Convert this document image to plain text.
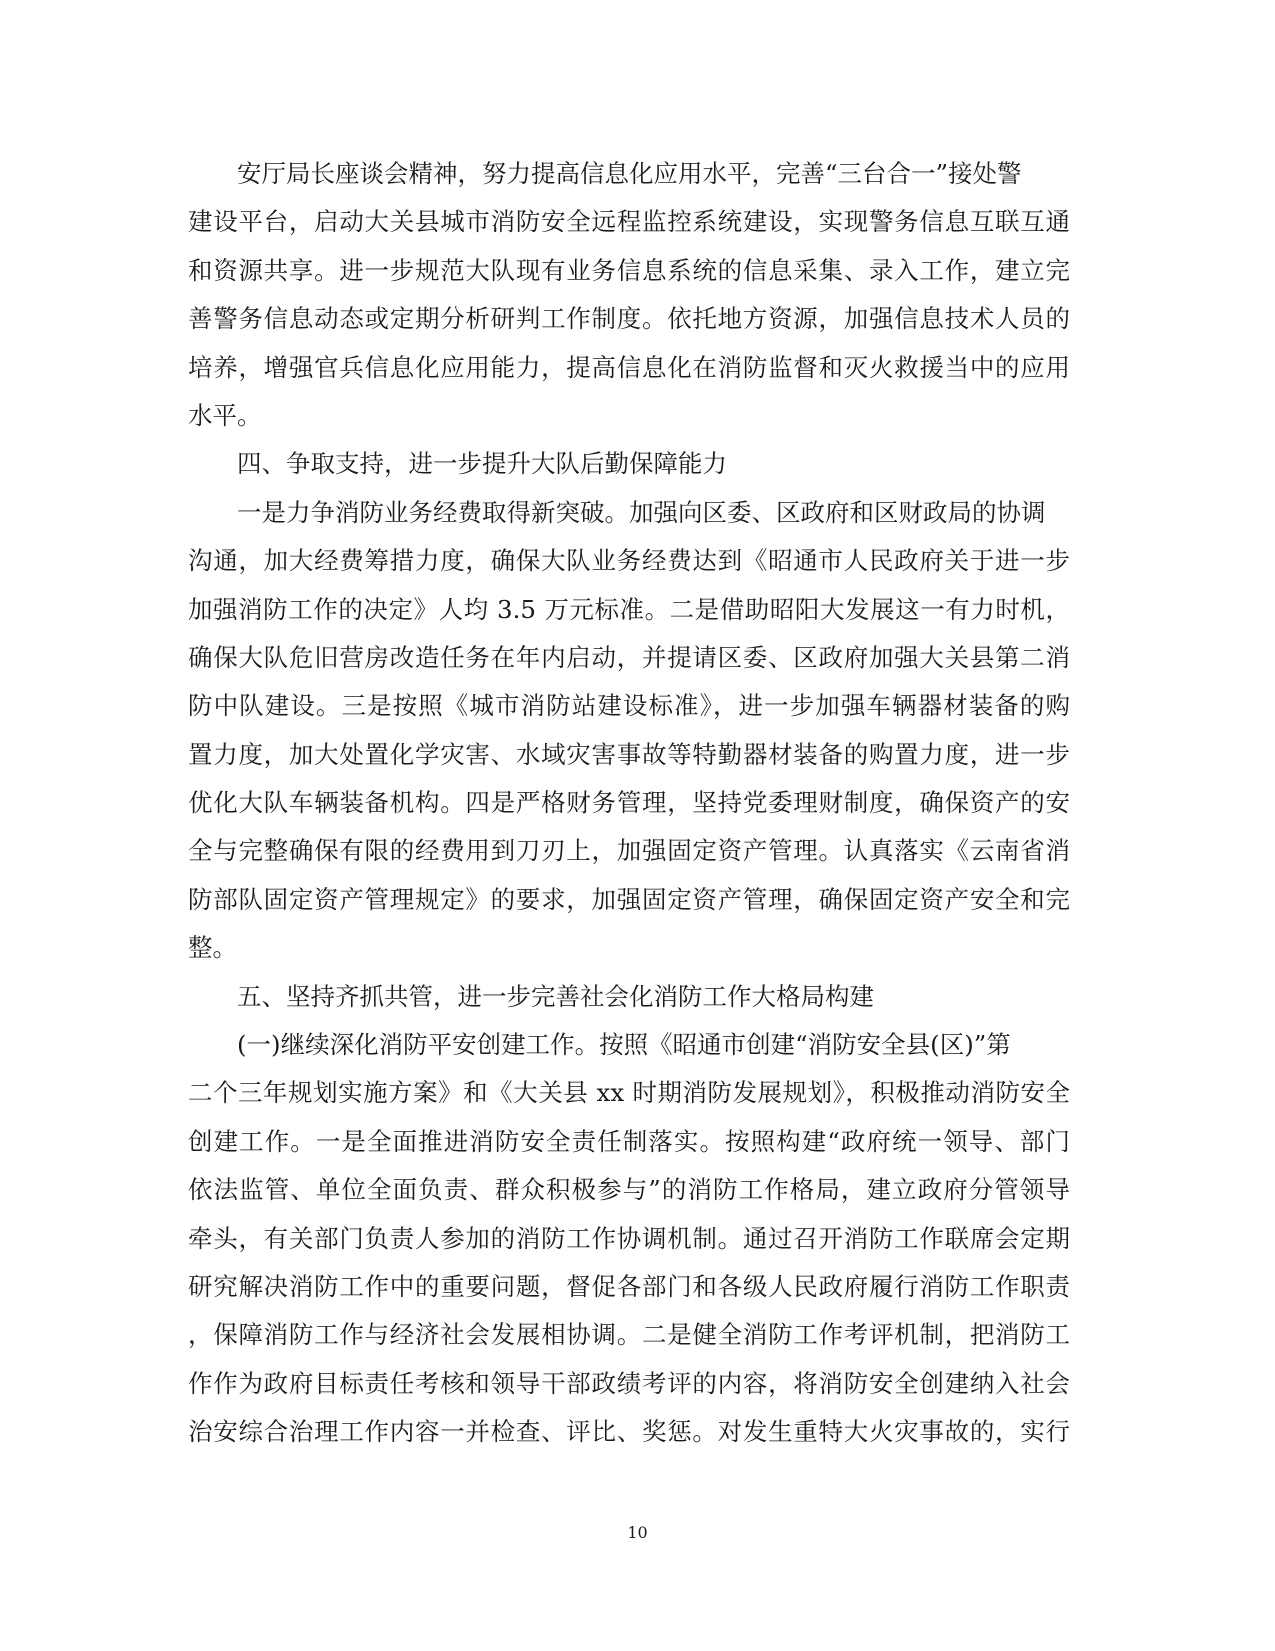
安厅局长座谈会精神，努力提高信息化应用水平，完善“三台合一”接处警
建设平台，启动大关县城市消防安全远程监控系统建设，实现警务信息互联互通
和资源共享。进一步规范大队现有业务信息系统的信息采集、录入工作，建立完
善警务信息动态或定期分析研判工作制度。依托地方资源，加强信息技术人员的
培养，增强官兵信息化应用能力，提高信息化在消防监督和灭火救援当中的应用
水平。
四、争取支持，进一步提升大队后勤保障能力
一是力争消防业务经费取得新突破。加强向区委、区政府和区财政局的协调
沟通，加大经费筹措力度，确保大队业务经费达到《昭通市人民政府关于进一步
加强消防工作的决定》人均 3.5 万元标准。二是借助昭阳大发展这一有力时机，
确保大队危旧营房改造任务在年内启动，并提请区委、区政府加强大关县第二消
防中队建设。三是按照《城市消防站建设标准》，进一步加强车辆器材装备的购
置力度，加大处置化学灾害、水域灾害事故等特勤器材装备的购置力度，进一步
优化大队车辆装备机构。四是严格财务管理，坚持党委理财制度，确保资产的安
全与完整确保有限的经费用到刀刃上，加强固定资产管理。认真落实《云南省消
防部队固定资产管理规定》的要求，加强固定资产管理，确保固定资产安全和完
整。
五、坚持齐抓共管，进一步完善社会化消防工作大格局构建
(一)继续深化消防平安创建工作。按照《昭通市创建“消防安全县(区)”第
二个三年规划实施方案》和《大关县 xx 时期消防发展规划》，积极推动消防安全
创建工作。一是全面推进消防安全责任制落实。按照构建“政府统一领导、部门
依法监管、单位全面负责、群众积极参与”的消防工作格局，建立政府分管领导
牵头，有关部门负责人参加的消防工作协调机制。通过召开消防工作联席会定期
研究解决消防工作中的重要问题，督促各部门和各级人民政府履行消防工作职责
，保障消防工作与经济社会发展相协调。二是健全消防工作考评机制，把消防工
作作为政府目标责任考核和领导干部政绩考评的内容，将消防安全创建纳入社会
治安综合治理工作内容一并检查、评比、奖惩。对发生重特大火灾事故的，实行
10
